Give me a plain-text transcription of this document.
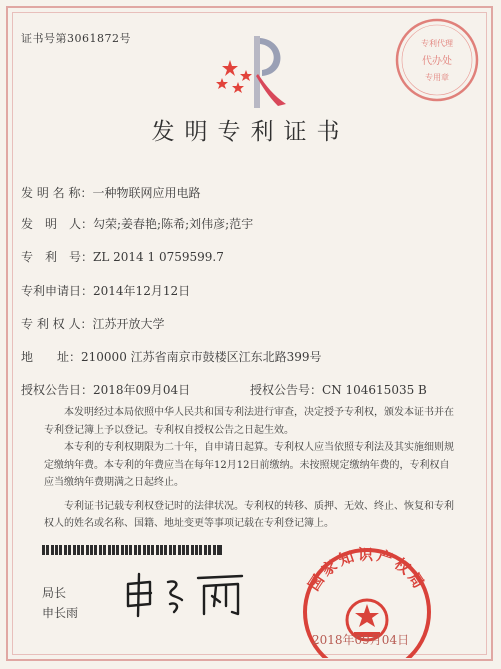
证书号第3061872号	专利代理
代办处
专用章
发明专利证书
发 明 名 称：一种物联网应用电路
发　明　人：勾荣;姜春艳;陈希;刘伟彦;范宇
专　利　号：ZL 2014 1 0759599.7
专利申请日：2014年12月12日
专 利 权 人：江苏开放大学
地　　址：210000 江苏省南京市鼓楼区江东北路399号
授权公告日：2018年09月04日	授权公告号：CN 104615035 B
本发明经过本局依照中华人民共和国专利法进行审查，决定授予专利权，颁发本证书并在专利登记簿上予以登记。专利权自授权公告之日起生效。
本专利的专利权期限为二十年，自申请日起算。专利权人应当依照专利法及其实施细则规定缴纳年费。本专利的年费应当在每年12月12日前缴纳。未按照规定缴纳年费的，专利权自应当缴纳年费期满之日起终止。
专利证书记载专利权登记时的法律状况。专利权的转移、质押、无效、终止、恢复和专利权人的姓名或名称、国籍、地址变更等事项记载在专利登记簿上。
局长
申长雨
国家知识产权局
2018年09月04日
